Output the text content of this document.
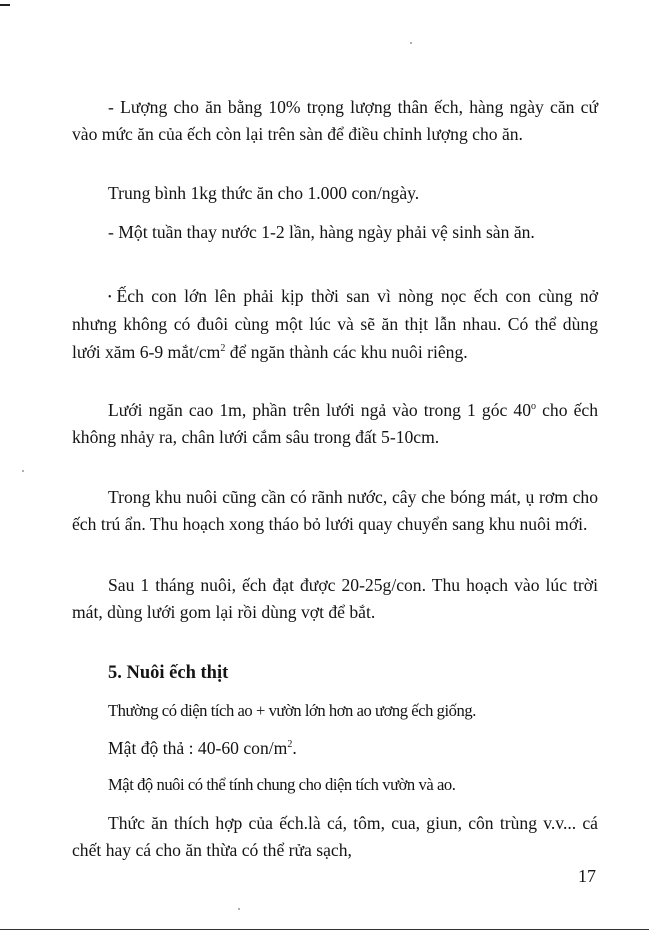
- Lượng cho ăn bằng 10% trọng lượng thân ếch, hàng ngày căn cứ vào mức ăn của ếch còn lại trên sàn để điều chỉnh lượng cho ăn.

Trung bình 1kg thức ăn cho 1.000 con/ngày.

- Một tuần thay nước 1-2 lần, hàng ngày phải vệ sinh sàn ăn.

• Ếch con lớn lên phải kịp thời san vì nòng nọc ếch con cùng nở nhưng không có đuôi cùng một lúc và sẽ ăn thịt lẫn nhau. Có thể dùng lưới xăm 6-9 mắt/$cm^2$ để ngăn thành các khu nuôi riêng.

Lưới ngăn cao 1m, phần trên lưới ngả vào trong 1 góc 40$^o$ cho ếch không nhảy ra, chân lưới cắm sâu trong đất 5-10cm.

Trong khu nuôi cũng cần có rãnh nước, cây che bóng mát, ụ rơm cho ếch trú ẩn. Thu hoạch xong tháo bỏ lưới quay chuyển sang khu nuôi mới.

Sau 1 tháng nuôi, ếch đạt được 20-25g/con. Thu hoạch vào lúc trời mát, dùng lưới gom lại rồi dùng vợt để bắt.

5. Nuôi ếch thịt

Thường có diện tích ao + vườn lớn hơn ao ương ếch giống.

Mật độ thả : 40-60 con/$m^2$.

Mật độ nuôi có thể tính chung cho diện tích vườn và ao.

Thức ăn thích hợp của ếch.là cá, tôm, cua, giun, côn trùng v.v... cá chết hay cá cho ăn thừa có thể rửa sạch,

17
